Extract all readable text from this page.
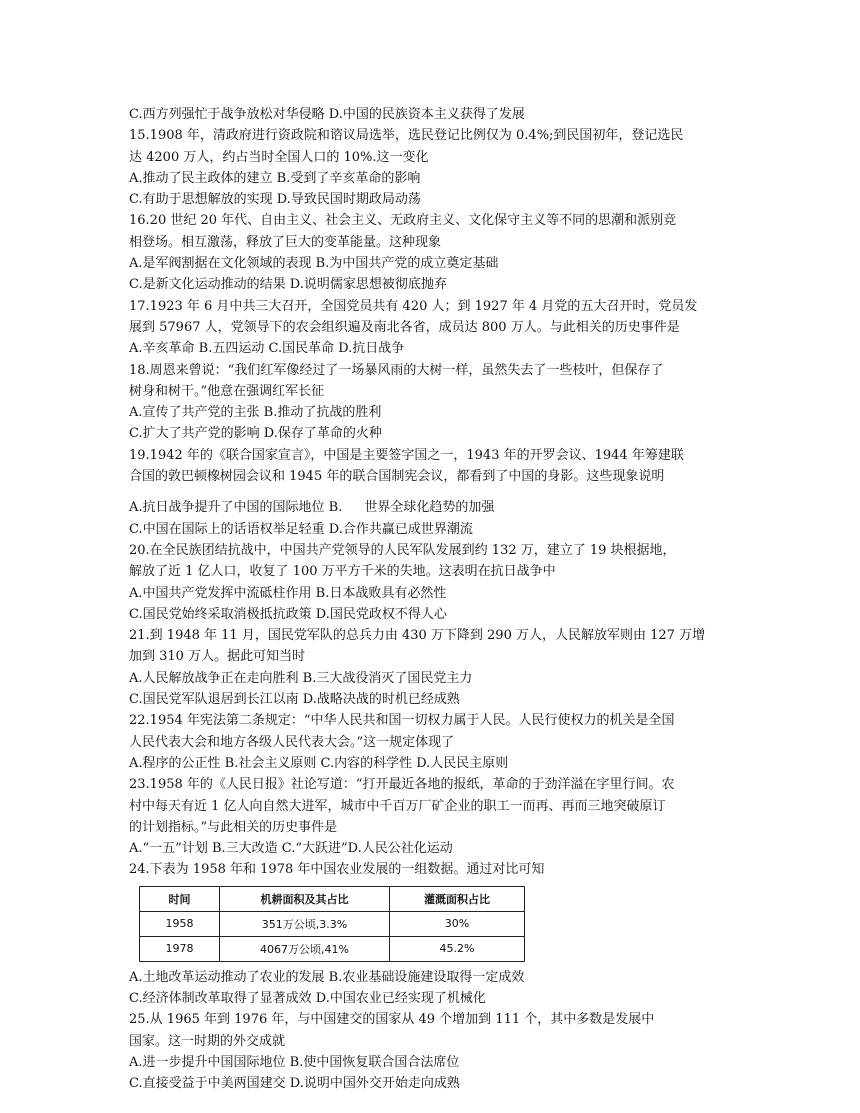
C.西方列强忙于战争放松对华侵略 D.中国的民族资本主义获得了发展
15.1908 年，清政府进行资政院和谘议局选举，选民登记比例仅为 0.4%;到民国初年，登记选民
达 4200 万人，约占当时全国人口的 10%.这一变化
A.推动了民主政体的建立 B.受到了辛亥革命的影响
C.有助于思想解放的实现 D.导致民国时期政局动荡
16.20 世纪 20 年代、自由主义、社会主义、无政府主义、文化保守主义等不同的思潮和派别竞
相登场。相互激荡，释放了巨大的变革能量。这种现象
A.是军阀割据在文化领域的表现 B.为中国共产党的成立奠定基础
C.是新文化运动推动的结果 D.说明儒家思想被彻底抛弃
17.1923 年 6 月中共三大召开，全国党员共有 420 人；到 1927 年 4 月党的五大召开时，党员发
展到 57967 人，党领导下的农会组织遍及南北各省，成员达 800 万人。与此相关的历史事件是
A.辛亥革命 B.五四运动 C.国民革命 D.抗日战争
18.周恩来曾说：“我们红军像经过了一场暴风雨的大树一样，虽然失去了一些枝叶，但保存了
树身和树干。”他意在强调红军长征
A.宣传了共产党的主张 B.推动了抗战的胜利
C.扩大了共产党的影响 D.保存了革命的火种
19.1942 年的《联合国家宣言》，中国是主要签字国之一，1943 年的开罗会议、1944 年筹建联
合国的敦巴顿橡树园会议和 1945 年的联合国制宪会议，都看到了中国的身影。这些现象说明
A.抗日战争提升了中国的国际地位 B. 世界全球化趋势的加强
C.中国在国际上的话语权举足轻重 D.合作共赢已成世界潮流
20.在全民族团结抗战中，中国共产党领导的人民军队发展到约 132 万，建立了 19 块根据地，
解放了近 1 亿人口，收复了 100 万平方千米的失地。这表明在抗日战争中
A.中国共产党发挥中流砥柱作用 B.日本战败具有必然性
C.国民党始终采取消极抵抗政策 D.国民党政权不得人心
21.到 1948 年 11 月，国民党军队的总兵力由 430 万下降到 290 万人，人民解放军则由 127 万增
加到 310 万人。据此可知当时
A.人民解放战争正在走向胜利 B.三大战役消灭了国民党主力
C.国民党军队退居到长江以南 D.战略决战的时机已经成熟
22.1954 年宪法第二条规定：“中华人民共和国一切权力属于人民。人民行使权力的机关是全国
人民代表大会和地方各级人民代表大会。”这一规定体现了
A.程序的公正性 B.社会主义原则 C.内容的科学性 D.人民民主原则
23.1958 年的《人民日报》社论写道：“打开最近各地的报纸，革命的于劲洋溢在字里行间。农
村中每天有近 1 亿人向自然大进军，城市中千百万厂矿企业的职工一而再、再而三地突破原订
的计划指标。”与此相关的历史事件是
A.“一五”计划 B.三大改造 C.“大跃进”D.人民公社化运动
24.下表为 1958 年和 1978 年中国农业发展的一组数据。通过对比可知
时间	机耕面积及其占比	灌溉面积占比
1958	351万公顷,3.3%	30%
1978	4067万公顷,41%	45.2%
A.土地改革运动推动了农业的发展 B.农业基础设施建设取得一定成效
C.经济体制改革取得了显著成效 D.中国农业已经实现了机械化
25.从 1965 年到 1976 年，与中国建交的国家从 49 个增加到 111 个，其中多数是发展中
国家。这一时期的外交成就
A.进一步提升中国国际地位 B.使中国恢复联合国合法席位
C.直接受益于中美两国建交 D.说明中国外交开始走向成熟
